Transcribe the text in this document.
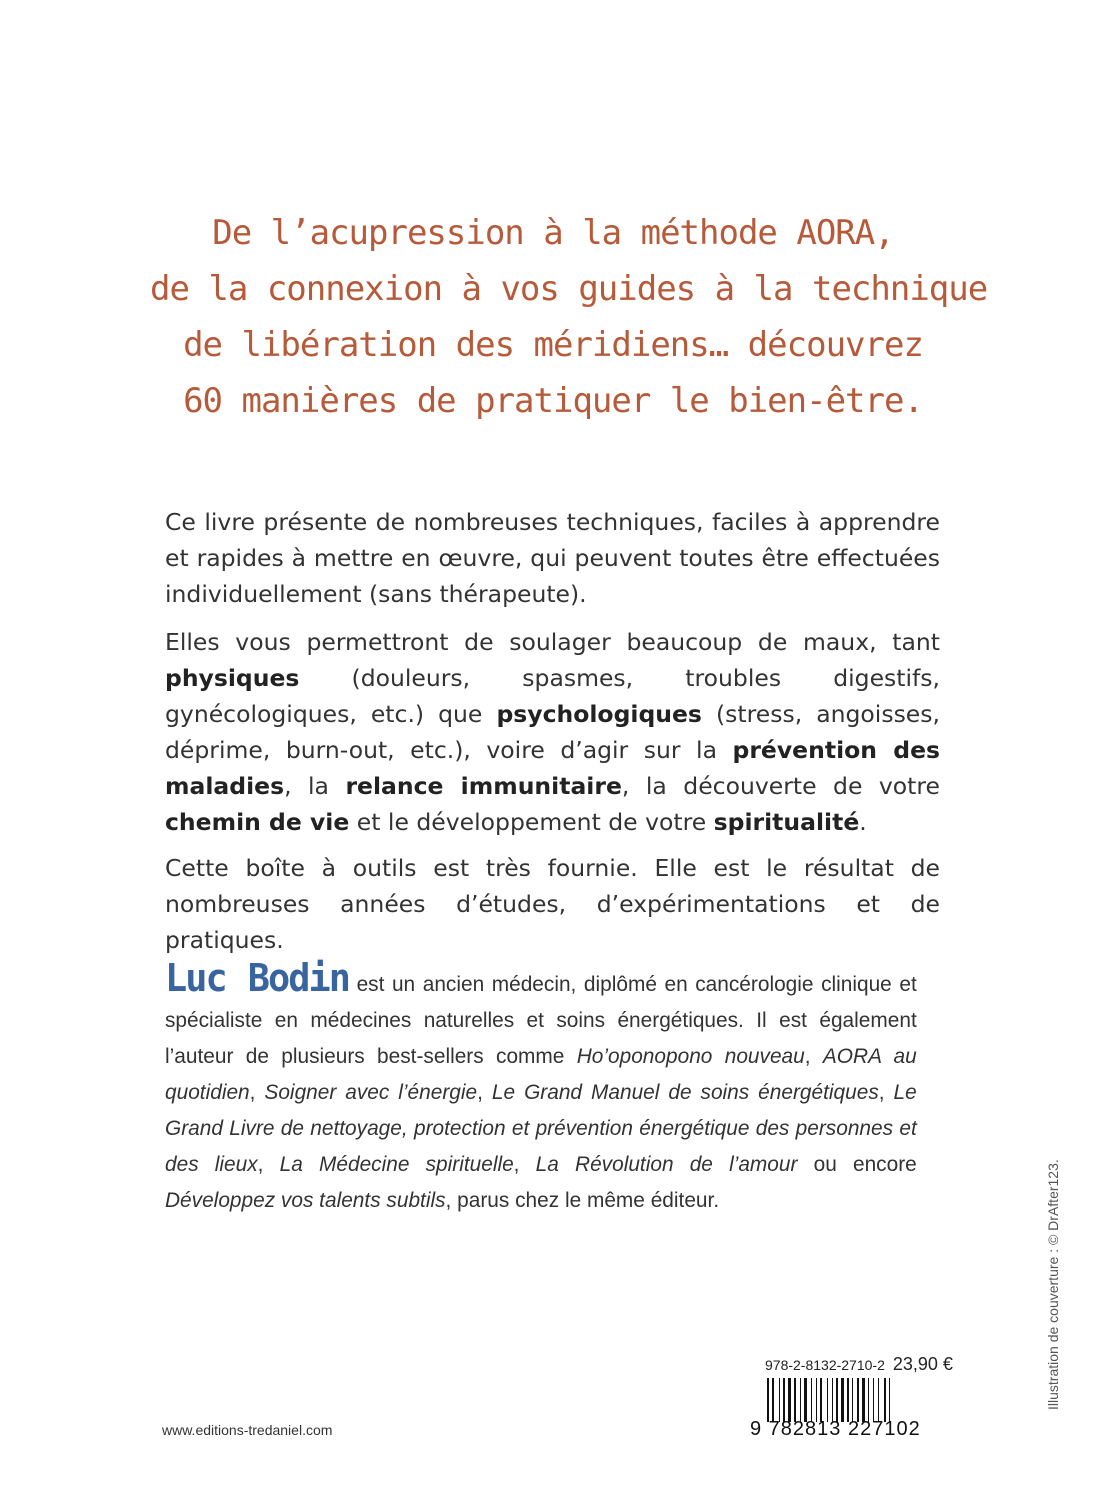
De l’acupression à la méthode AORA,
de la connexion à vos guides à la technique
de libération des méridiens… découvrez
60 manières de pratiquer le bien-être.

Ce livre présente de nombreuses techniques, faciles à apprendre et rapides à mettre en œuvre, qui peuvent toutes être effectuées individuellement (sans thérapeute).

Elles vous permettront de soulager beaucoup de maux, tant physiques (douleurs, spasmes, troubles digestifs, gynécologiques, etc.) que psychologiques (stress, angoisses, déprime, burn-out, etc.), voire d’agir sur la prévention des maladies, la relance immunitaire, la découverte de votre chemin de vie et le développement de votre spiritualité.

Cette boîte à outils est très fournie. Elle est le résultat de nombreuses années d’études, d’expérimentations et de pratiques.

Luc Bodin est un ancien médecin, diplômé en cancérologie clinique et spécialiste en médecines naturelles et soins énergétiques. Il est également l’auteur de plusieurs best-sellers comme Ho’oponopono nouveau, AORA au quotidien, Soigner avec l’énergie, Le Grand Manuel de soins énergétiques, Le Grand Livre de nettoyage, protection et prévention énergétique des personnes et des lieux, La Médecine spirituelle, La Révolution de l’amour ou encore Développez vos talents subtils, parus chez le même éditeur.	Illustration de couverture : © DrAfter123.
978-2-8132-2710-2 23,90 €
9 782813 227102
www.editions-tredaniel.com
